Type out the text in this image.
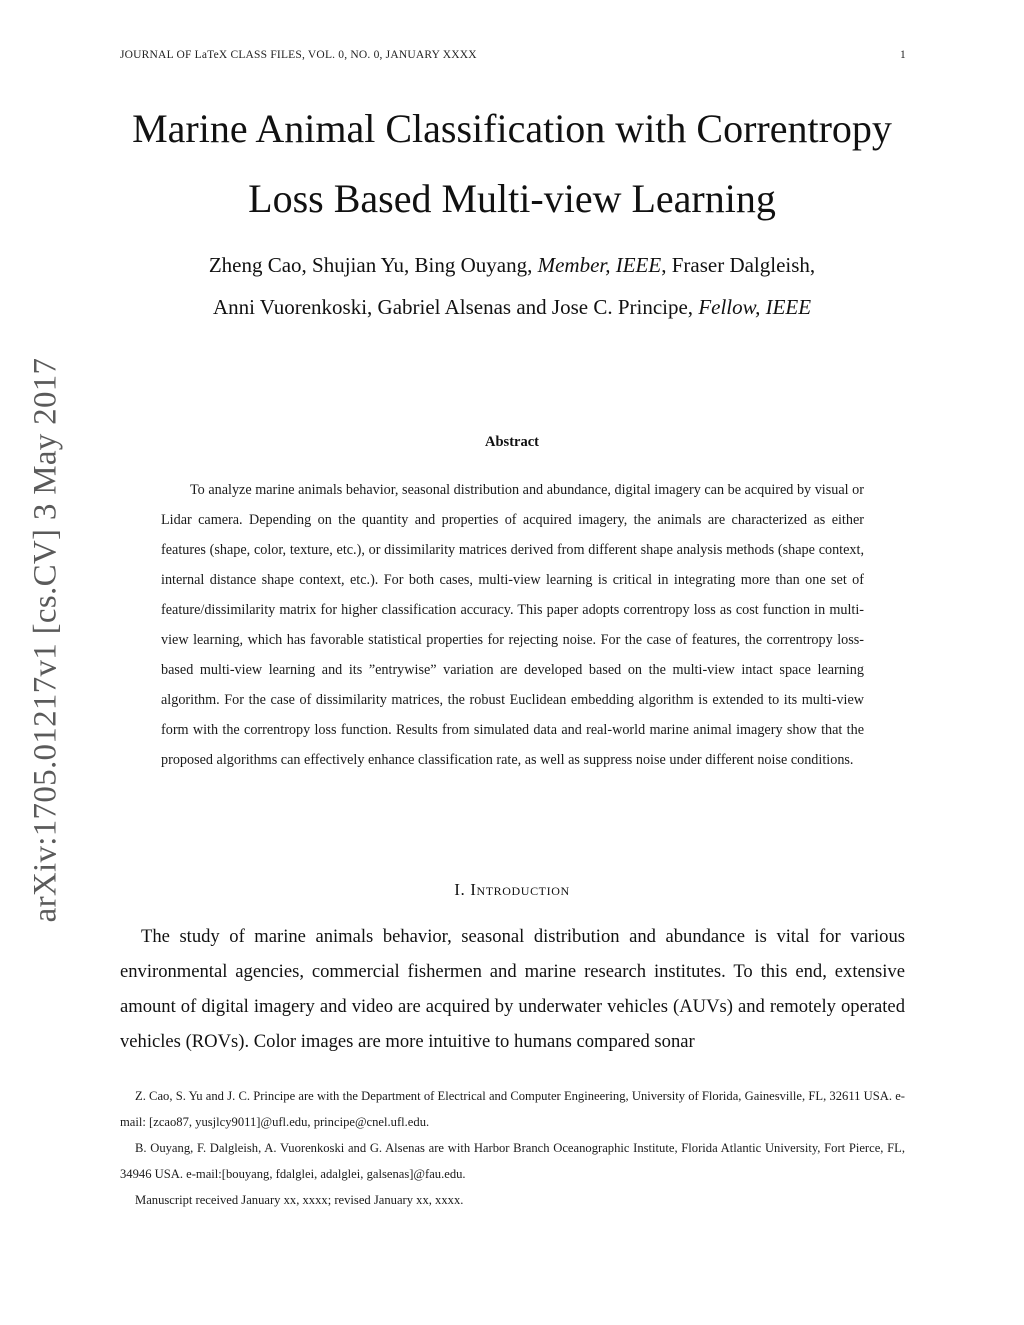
JOURNAL OF LaTeX CLASS FILES, VOL. 0, NO. 0, JANUARY XXXX	1
arXiv:1705.01217v1 [cs.CV] 3 May 2017
Marine Animal Classification with Correntropy
Loss Based Multi-view Learning
Zheng Cao, Shujian Yu, Bing Ouyang, Member, IEEE, Fraser Dalgleish,
Anni Vuorenkoski, Gabriel Alsenas and Jose C. Principe, Fellow, IEEE
Abstract

To analyze marine animals behavior, seasonal distribution and abundance, digital imagery can be acquired by visual or Lidar camera. Depending on the quantity and properties of acquired imagery, the animals are characterized as either features (shape, color, texture, etc.), or dissimilarity matrices derived from different shape analysis methods (shape context, internal distance shape context, etc.). For both cases, multi-view learning is critical in integrating more than one set of feature/dissimilarity matrix for higher classification accuracy. This paper adopts correntropy loss as cost function in multi-view learning, which has favorable statistical properties for rejecting noise. For the case of features, the correntropy loss-based multi-view learning and its ”entrywise” variation are developed based on the multi-view intact space learning algorithm. For the case of dissimilarity matrices, the robust Euclidean embedding algorithm is extended to its multi-view form with the correntropy loss function. Results from simulated data and real-world marine animal imagery show that the proposed algorithms can effectively enhance classification rate, as well as suppress noise under different noise conditions.

I. Introduction

The study of marine animals behavior, seasonal distribution and abundance is vital for various environmental agencies, commercial fishermen and marine research institutes. To this end, extensive amount of digital imagery and video are acquired by underwater vehicles (AUVs) and remotely operated vehicles (ROVs). Color images are more intuitive to humans compared sonar

Z. Cao, S. Yu and J. C. Principe are with the Department of Electrical and Computer Engineering, University of Florida, Gainesville, FL, 32611 USA. e-mail: [zcao87, yusjlcy9011]@ufl.edu, principe@cnel.ufl.edu.

B. Ouyang, F. Dalgleish, A. Vuorenkoski and G. Alsenas are with Harbor Branch Oceanographic Institute, Florida Atlantic University, Fort Pierce, FL, 34946 USA. e-mail:[bouyang, fdalglei, adalglei, galsenas]@fau.edu.

Manuscript received January xx, xxxx; revised January xx, xxxx.
